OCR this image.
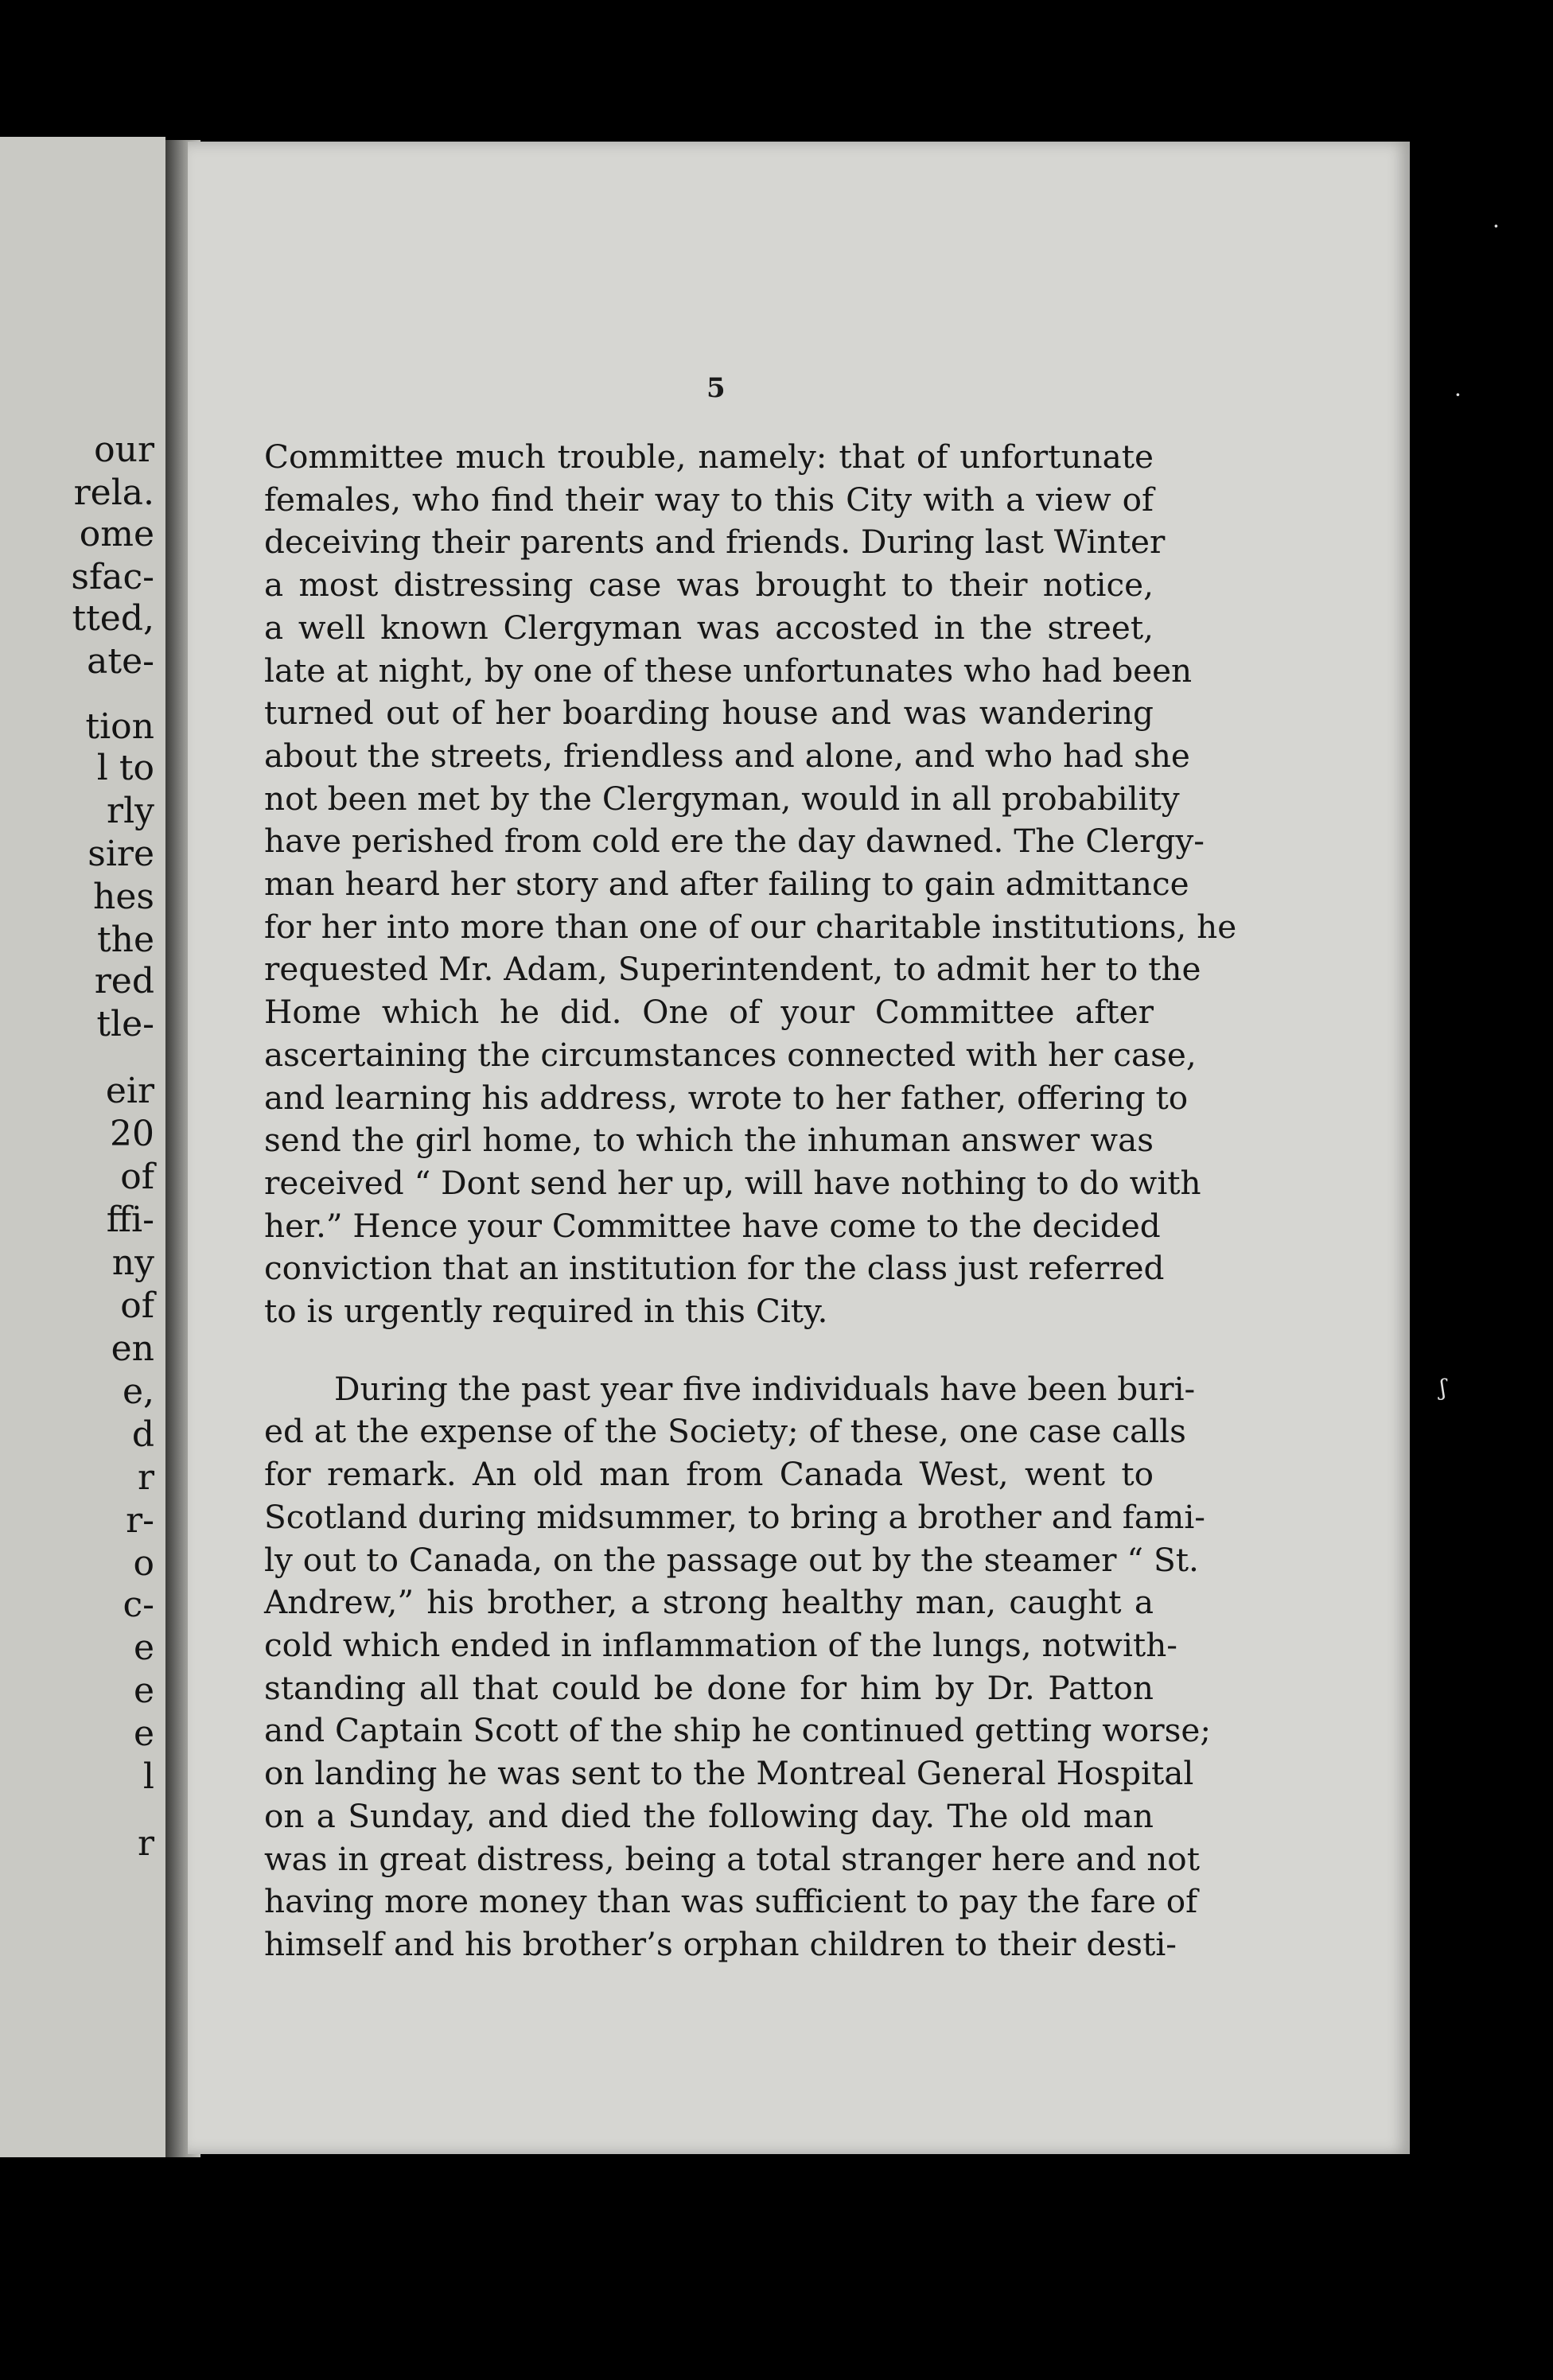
our
rela.
ome
sfac-
tted,
ate-
tion
l to
rly
sire
hes
the
red
tle-
eir
20
of
ffi-
ny
of
en
e,
d
r
r-
o
c-
e
e
e
l
r
5
Committee much trouble, namely: that of unfortunate
females, who find their way to this City with a view of
deceiving their parents and friends. During last Winter
a most distressing case was brought to their notice,
a well known Clergyman was accosted in the street,
late at night, by one of these unfortunates who had been
turned out of her boarding house and was wandering
about the streets, friendless and alone, and who had she
not been met by the Clergyman, would in all probability
have perished from cold ere the day dawned. The Clergy-
man heard her story and after failing to gain admittance
for her into more than one of our charitable institutions, he
requested Mr. Adam, Superintendent, to admit her to the
Home which he did. One of your Committee after
ascertaining the circumstances connected with her case,
and learning his address, wrote to her father, offering to
send the girl home, to which the inhuman answer was
received “ Dont send her up, will have nothing to do with
her.” Hence your Committee have come to the decided
conviction that an institution for the class just referred
to is urgently required in this City.
During the past year five individuals have been buri-
ed at the expense of the Society; of these, one case calls
for remark. An old man from Canada West, went to
Scotland during midsummer, to bring a brother and fami-
ly out to Canada, on the passage out by the steamer “ St.
Andrew,” his brother, a strong healthy man, caught a
cold which ended in inflammation of the lungs, notwith-
standing all that could be done for him by Dr. Patton
and Captain Scott of the ship he continued getting worse;
on landing he was sent to the Montreal General Hospital
on a Sunday, and died the following day. The old man
was in great distress, being a total stranger here and not
having more money than was sufficient to pay the fare of
himself and his brother’s orphan children to their desti-
·
·
ʃ
